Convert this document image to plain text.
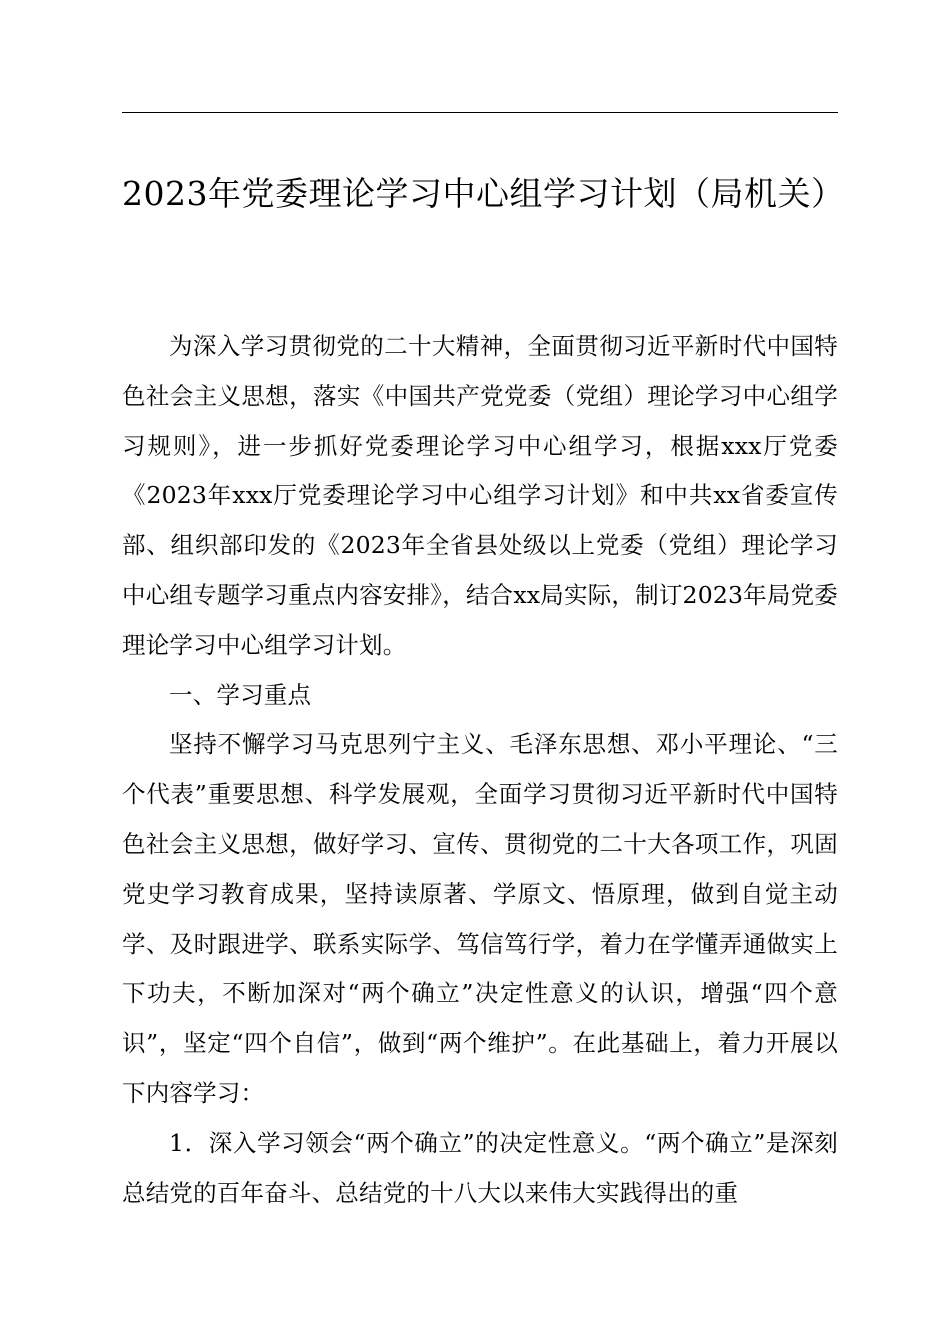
2023年党委理论学习中心组学习计划（局机关）

为深入学习贯彻党的二十大精神，全面贯彻习近平新时代中国特色社会主义思想，落实《中国共产党党委（党组）理论学习中心组学习规则》，进一步抓好党委理论学习中心组学习，根据xxx厅党委《2023年xxx厅党委理论学习中心组学习计划》和中共xx省委宣传部、组织部印发的《2023年全省县处级以上党委（党组）理论学习中心组专题学习重点内容安排》，结合xx局实际，制订2023年局党委理论学习中心组学习计划。

一、学习重点

坚持不懈学习马克思列宁主义、毛泽东思想、邓小平理论、“三个代表”重要思想、科学发展观，全面学习贯彻习近平新时代中国特色社会主义思想，做好学习、宣传、贯彻党的二十大各项工作，巩固党史学习教育成果，坚持读原著、学原文、悟原理，做到自觉主动学、及时跟进学、联系实际学、笃信笃行学，着力在学懂弄通做实上下功夫，不断加深对“两个确立”决定性意义的认识，增强“四个意识”，坚定“四个自信”，做到“两个维护”。在此基础上，着力开展以下内容学习：

1．深入学习领会“两个确立”的决定性意义。“两个确立”是深刻总结党的百年奋斗、总结党的十八大以来伟大实践得出的重
